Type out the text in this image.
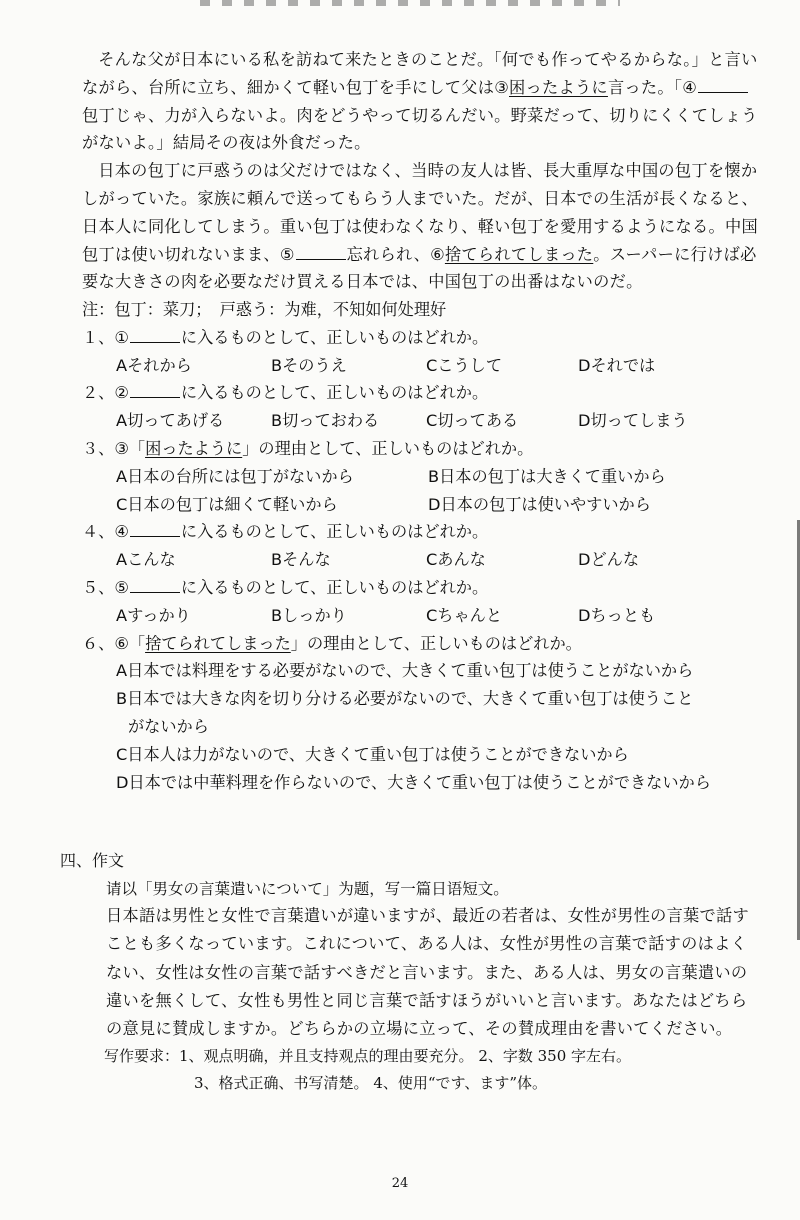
そんな父が日本にいる私を訪ねて来たときのことだ。「何でも作ってやるからな。」と言いながら、台所に立ち、細かくて軽い包丁を手にして父は③困ったように言った。「④包丁じゃ、力が入らないよ。肉をどうやって切るんだい。野菜だって、切りにくくてしょうがないよ。」結局その夜は外食だった。

日本の包丁に戸惑うのは父だけではなく、当時の友人は皆、長大重厚な中国の包丁を懐かしがっていた。家族に頼んで送ってもらう人までいた。だが、日本での生活が長くなると、日本人に同化してしまう。重い包丁は使わなくなり、軽い包丁を愛用するようになる。中国包丁は使い切れないまま、⑤	忘れられ、⑥捨てられてしまった。スーパーに行けば必要な大きさの肉を必要なだけ買える日本では、中国包丁の出番はないのだ。

注：包丁：菜刀；　戸惑う：为难，不知如何处理好

１、①	に入るものとして、正しいものはどれか。

Aそれから	Bそのうえ	Cこうして	Dそれでは

２、②	に入るものとして、正しいものはどれか。

A切ってあげる	B切っておわる	C切ってある	D切ってしまう

３、③「困ったように」の理由として、正しいものはどれか。

A日本の台所には包丁がないから	B日本の包丁は大きくて重いから
C日本の包丁は細くて軽いから	D日本の包丁は使いやすいから

４、④	に入るものとして、正しいものはどれか。

Aこんな	Bそんな	Cあんな	Dどんな

５、⑤	に入るものとして、正しいものはどれか。

Aすっかり	Bしっかり	Cちゃんと	Dちっとも

６、⑥「捨てられてしまった」の理由として、正しいものはどれか。

A日本では料理をする必要がないので、大きくて重い包丁は使うことがないから

B日本では大きな肉を切り分ける必要がないので、大きくて重い包丁は使うこと
がないから

C日本人は力がないので、大きくて重い包丁は使うことができないから

D日本では中華料理を作らないので、大きくて重い包丁は使うことができないから

四、作文

请以「男女の言葉遣いについて」为题，写一篇日语短文。

日本語は男性と女性で言葉遣いが違いますが、最近の若者は、女性が男性の言葉で話すことも多くなっています。これについて、ある人は、女性が男性の言葉で話すのはよくない、女性は女性の言葉で話すべきだと言います。また、ある人は、男女の言葉遣いの違いを無くして、女性も男性と同じ言葉で話すほうがいいと言います。あなたはどちらの意見に賛成しますか。どちらかの立場に立って、その賛成理由を書いてください。

写作要求：1、观点明确，并且支持观点的理由要充分。 2、字数 350 字左右。

3、格式正确、书写清楚。 4、使用“です、ます”体。

24
